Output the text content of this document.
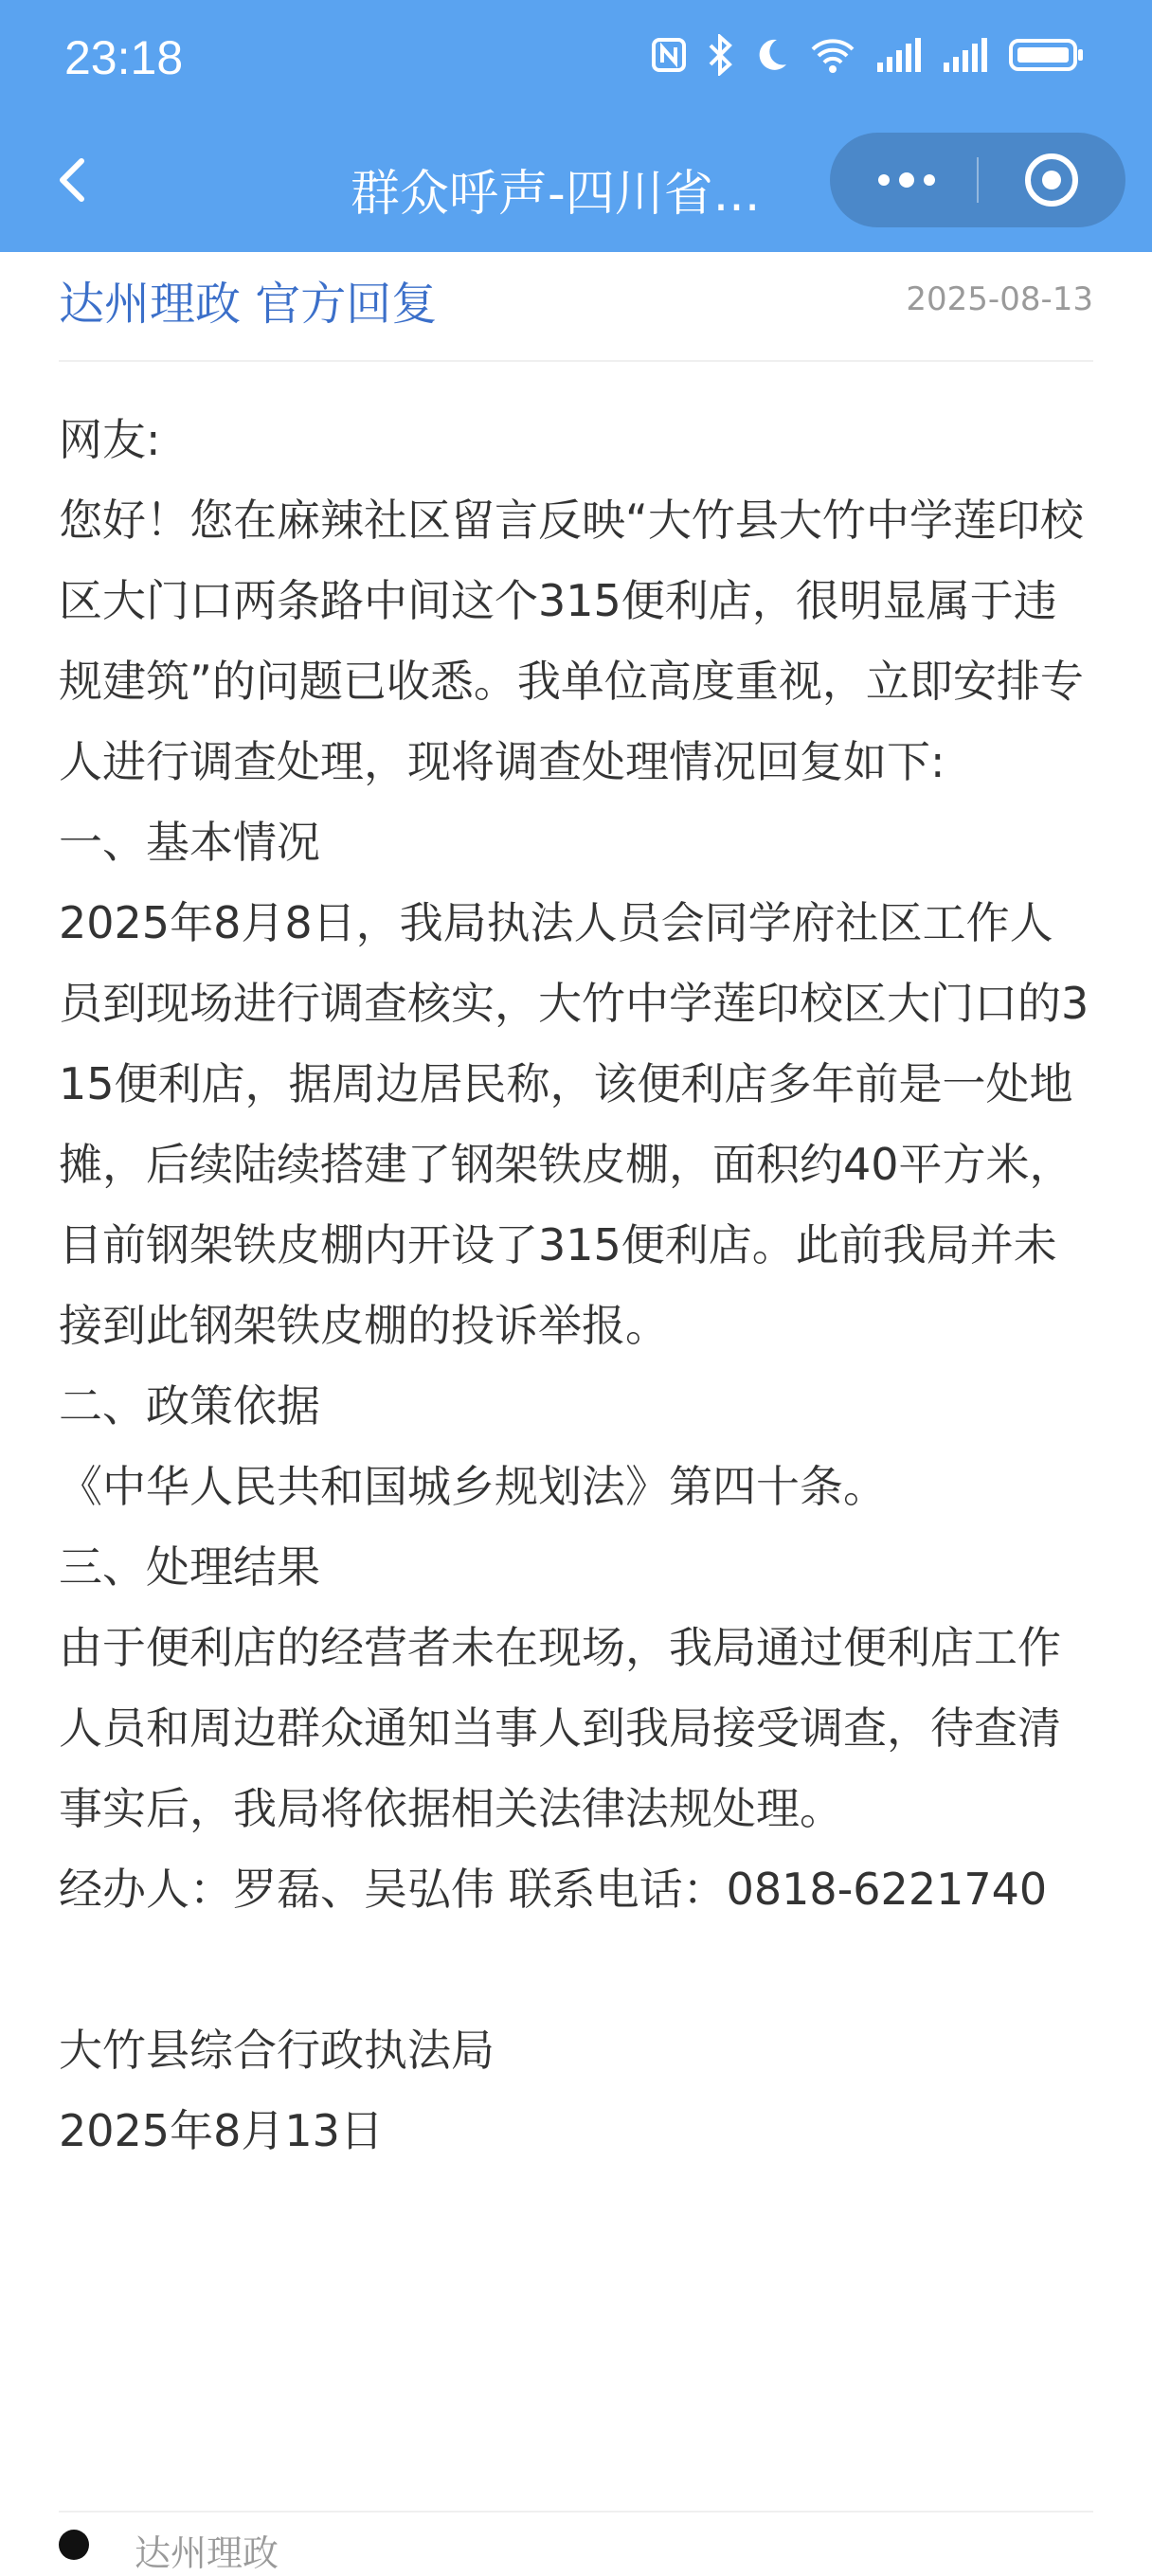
23:18
群众呼声-四川省...
达州理政 官方回复	2025-08-13

网友:

您好！您在麻辣社区留言反映“大竹县大竹中学莲印校区大门口两条路中间这个315便利店，很明显属于违规建筑”的问题已收悉。我单位高度重视，立即安排专人进行调查处理，现将调查处理情况回复如下:

一、基本情况

2025年8月8日，我局执法人员会同学府社区工作人员到现场进行调查核实，大竹中学莲印校区大门口的315便利店，据周边居民称，该便利店多年前是一处地摊，后续陆续搭建了钢架铁皮棚，面积约40平方米，目前钢架铁皮棚内开设了315便利店。此前我局并未接到此钢架铁皮棚的投诉举报。

二、政策依据

《中华人民共和国城乡规划法》第四十条。

三、处理结果

由于便利店的经营者未在现场，我局通过便利店工作人员和周边群众通知当事人到我局接受调查，待查清事实后，我局将依据相关法律法规处理。

经办人：罗磊、吴弘伟 联系电话：0818-6221740

大竹县综合行政执法局

2025年8月13日

达州理政
